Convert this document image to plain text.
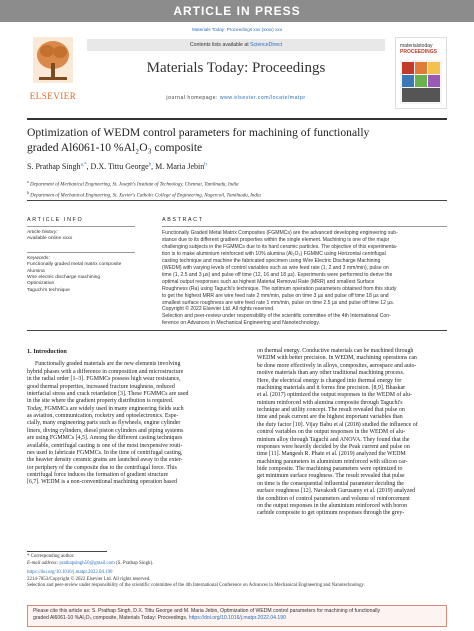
ARTICLE IN PRESS
Materials Today: Proceedings xxx (xxxx) xxx
ELSEVIER
Contents lists available at ScienceDirect
Materials Today: Proceedings
journal homepage: www.elsevier.com/locate/matpr
materialstoday
PROCEEDINGS
Optimization of WEDM control parameters for machining of functionally
graded Al6061-10 %Al₂O₃ composite
S. Prathap Singh$^{a,*}$, D.X. Tittu George$^b$, M. Maria Jebin$^b$
$^a$ Department of Mechanical Engineering, St. Joseph's Institute of Technology, Chennai, Tamilnadu, India
$^b$ Department of Mechanical Engineering, St. Xavier's Catholic College of Engineering, Nagercoil, Tamilnadu, India
ARTICLE INFO
Article history:
Available online xxxx
Keywords:
Functionally graded metal matrix composite
Alumina
Wire electric discharge machining
Optimization
Taguchi's technique
ABSTRACT

Functionally Graded Metal Matrix Composites (FGMMCs) are the advanced developing engineering sub-

stance due to its different gradient properties within the single element. Machining is one of the major

challenging subjects in the FGMMCs due to its hard ceramic particles. The objective of this experimenta-

tion is to make aluminium reinforced with 10% alumina (Al₂O₃) FGMMC using Horizontal centrifugal

casting technique and machine the fabricated specimen using Wire Electric Discharge Machining

(WEDM) with varying levels of control variables such as wire feed rate (1, 2 and 3 mm/min), pulse on

time (1, 2.5 and 3 µs) and pulse off time (12, 16 and 18 µs). Experiments were performed to derive the

optimal output responses such as highest Material Removal Rate (MRR) and smallest Surface

Roughness (Ra) using Taguchi's technique. The optimum operation parameters obtained from this study

to get the highest MRR are wire feed rate 2 mm/min, pulse on time 3 µs and pulse off time 18 µs and

smallest surface roughness are wire feed rate 1 mm/min, pulse on time 2.5 µs and pulse off time 12 µs.

Copyright © 2022 Elsevier Ltd. All rights reserved.

Selection and peer-review under responsibility of the scientific committee of the 4th International Con-

ference on Advances in Mechanical Engineering and Nanotechnology.

1. Introduction

Functionally graded materials are the new elements involving

hybrid phases with a difference in composition and microstructure

in the radial order [1–3]. FGMMCs possess high wear resistance,

good thermal properties, increased fracture toughness, reduced

interfacial stress and crack retardation [3]. These FGMMCs are used

in the site where the gradient property distribution is required.

Today, FGMMCs are widely used in many engineering fields such

as aviation, communication, rocketry and optoelectronics. Espe-

cially, many engineering parts such as flywheels, engine cylinder

liners, diving cylinders, diesel piston cylinders and piping systems

are using FGMMCs [4,5]. Among the different casting techniques

available, centrifugal casting is one of the most inexpensive routi-

nes used to fabricate FGMMCs. In the time of centrifugal casting,

the heavier density ceramic grains are launched away to the exter-

ior periphery of the composite due to the centrifugal force. This

centrifugal force induces the formation of gradient structure

[6,7]. WEDM is a non-conventional machining operation based

on thermal energy. Conductive materials can be machined through

WEDM with better precision. In WEDM, machining operations can

be done more effectively in alloys, composites, aerospace and auto-

motive materials than any other traditional machining process.

Here, the electrical energy is changed into thermal energy for

machining materials and it forms fine precision. [8,9]. Bhaskar

et al. (2017) optimized the output responses in the WEDM of alu-

minium reinforced with alumina composite through Taguchi's

technique and utility concept. The result revealed that pulse on

time and peak current are the highest important variables than

the duty factor [10]. Vijay Babu et al (2018) studied the influence of

control variables on the output responses in the WEDM of alu-

minium alloy through Taguchi and ANOVA. They found that the

responses were heavily decided by the Peak current and pulse on

time [11]. Mangesh R. Phate et al. (2019) analyzed the WEDM

machining parameters in aluminium reinforced with silicon car-

bide composite. The machining parameters were optimized to

get minimum surface roughness. The result revealed that pulse

on time is the consequential influential parameter deciding the

surface roughness [12]. Navakodi Gurusamy et al. (2019) analyzed

the condition of control parameters and volume of reinforcement

on the output responses in the aluminium reinforced with boron

carbide composite to get optimum responses through the grey-

* Corresponding author.
E-mail address: prathapsingh50@gmail.com (S. Prathap Singh).
https://doi.org/10.1016/j.matpr.2022.04.190
2214-7853/Copyright © 2022 Elsevier Ltd. All rights reserved.
Selection and peer-review under responsibility of the scientific committee of the 4th International Conference on Advances in Mechanical Engineering and Nanotechnology.
Please cite this article as: S. Prathap Singh, D.X. Tittu George and M. Maria Jebin, Optimization of WEDM control parameters for machining of functionally
graded Al6061-10 %Al₂O₃ composite, Materials Today: Proceedings, https://doi.org/10.1016/j.matpr.2022.04.190
